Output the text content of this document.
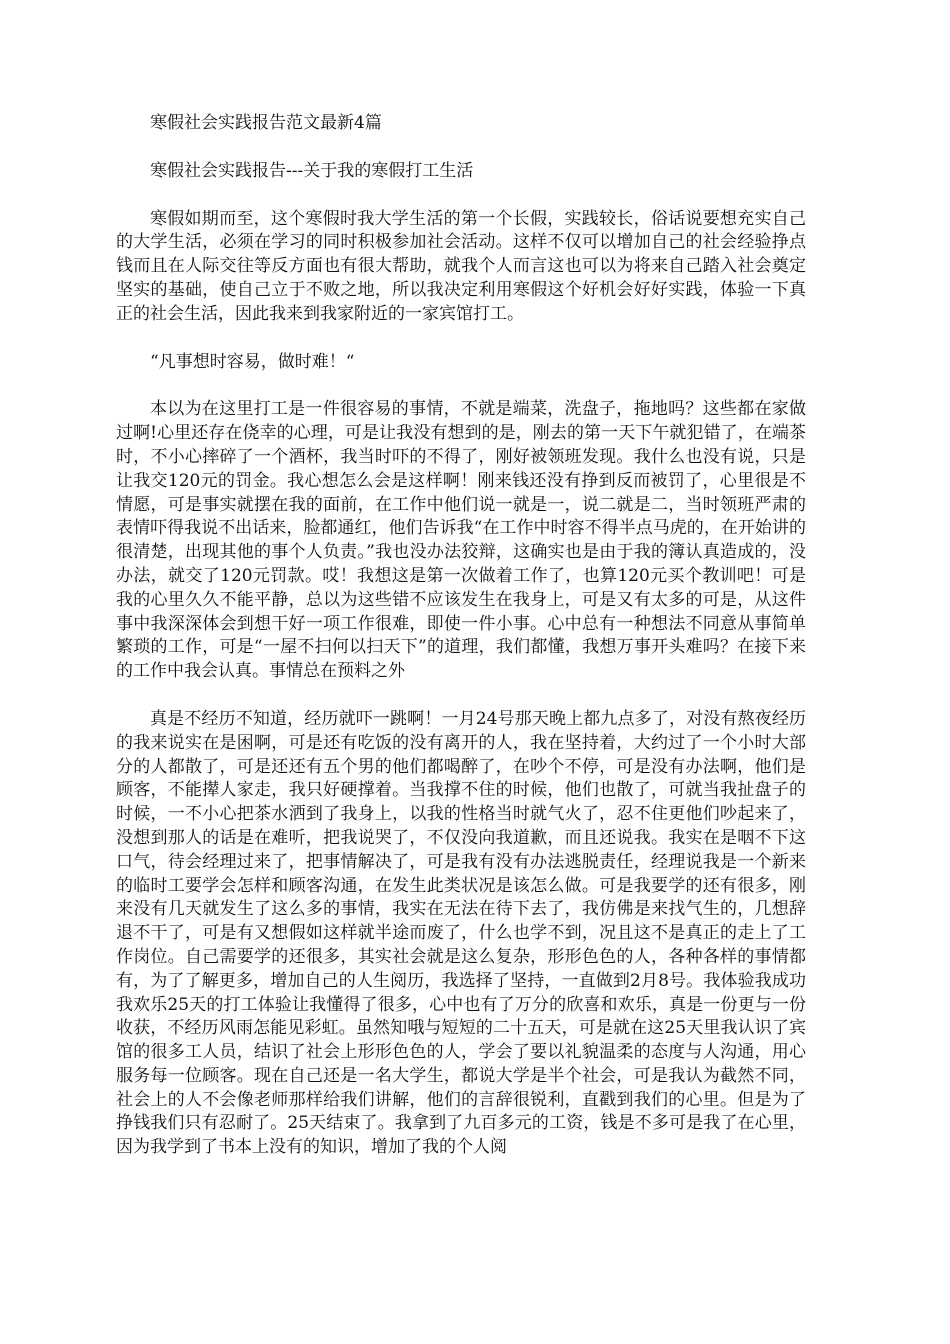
寒假社会实践报告范文最新4篇

寒假社会实践报告---关于我的寒假打工生活

寒假如期而至，这个寒假时我大学生活的第一个长假，实践较长，俗话说要想充实自己的大学生活，必须在学习的同时积极参加社会活动。这样不仅可以增加自己的社会经验挣点钱而且在人际交往等反方面也有很大帮助，就我个人而言这也可以为将来自己踏入社会奠定坚实的基础，使自己立于不败之地，所以我决定利用寒假这个好机会好好实践，体验一下真正的社会生活，因此我来到我家附近的一家宾馆打工。

“凡事想时容易，做时难！“

本以为在这里打工是一件很容易的事情，不就是端菜，洗盘子，拖地吗？这些都在家做过啊!心里还存在侥幸的心理，可是让我没有想到的是，刚去的第一天下午就犯错了，在端茶时，不小心摔碎了一个酒杯，我当时吓的不得了，刚好被领班发现。我什么也没有说，只是让我交120元的罚金。我心想怎么会是这样啊！刚来钱还没有挣到反而被罚了，心里很是不情愿，可是事实就摆在我的面前，在工作中他们说一就是一，说二就是二，当时领班严肃的表情吓得我说不出话来，脸都通红，他们告诉我“在工作中时容不得半点马虎的，在开始讲的很清楚，出现其他的事个人负责。”我也没办法狡辩，这确实也是由于我的簿认真造成的，没办法，就交了120元罚款。哎！我想这是第一次做着工作了，也算120元买个教训吧！可是我的心里久久不能平静，总以为这些错不应该发生在我身上，可是又有太多的可是，从这件事中我深深体会到想干好一项工作很难，即使一件小事。心中总有一种想法不同意从事简单繁琐的工作，可是“一屋不扫何以扫天下”的道理，我们都懂，我想万事开头难吗？在接下来的工作中我会认真。事情总在预料之外

真是不经历不知道，经历就吓一跳啊！一月24号那天晚上都九点多了，对没有熬夜经历的我来说实在是困啊，可是还有吃饭的没有离开的人，我在坚持着，大约过了一个小时大部分的人都散了，可是还还有五个男的他们都喝醉了，在吵个不停，可是没有办法啊，他们是顾客，不能撵人家走，我只好硬撑着。当我撑不住的时候，他们也散了，可就当我扯盘子的时候，一不小心把茶水洒到了我身上，以我的性格当时就气火了，忍不住更他们吵起来了，没想到那人的话是在难听，把我说哭了，不仅没向我道歉，而且还说我。我实在是咽不下这口气，待会经理过来了，把事情解决了，可是我有没有办法逃脱责任，经理说我是一个新来的临时工要学会怎样和顾客沟通，在发生此类状况是该怎么做。可是我要学的还有很多，刚来没有几天就发生了这么多的事情，我实在无法在待下去了，我仿佛是来找气生的，几想辞退不干了，可是有又想假如这样就半途而废了，什么也学不到，况且这不是真正的走上了工作岗位。自己需要学的还很多，其实社会就是这么复杂，形形色色的人，各种各样的事情都有，为了了解更多，增加自己的人生阅历，我选择了坚持，一直做到2月8号。我体验我成功我欢乐25天的打工体验让我懂得了很多，心中也有了万分的欣喜和欢乐，真是一份更与一份收获，不经历风雨怎能见彩虹。虽然知哦与短短的二十五天，可是就在这25天里我认识了宾馆的很多工人员，结识了社会上形形色色的人，学会了要以礼貌温柔的态度与人沟通，用心服务每一位顾客。现在自己还是一名大学生，都说大学是半个社会，可是我认为截然不同，社会上的人不会像老师那样给我们讲解，他们的言辞很锐利，直戳到我们的心里。但是为了挣钱我们只有忍耐了。25天结束了。我拿到了九百多元的工资，钱是不多可是我了在心里，因为我学到了书本上没有的知识，增加了我的个人阅
